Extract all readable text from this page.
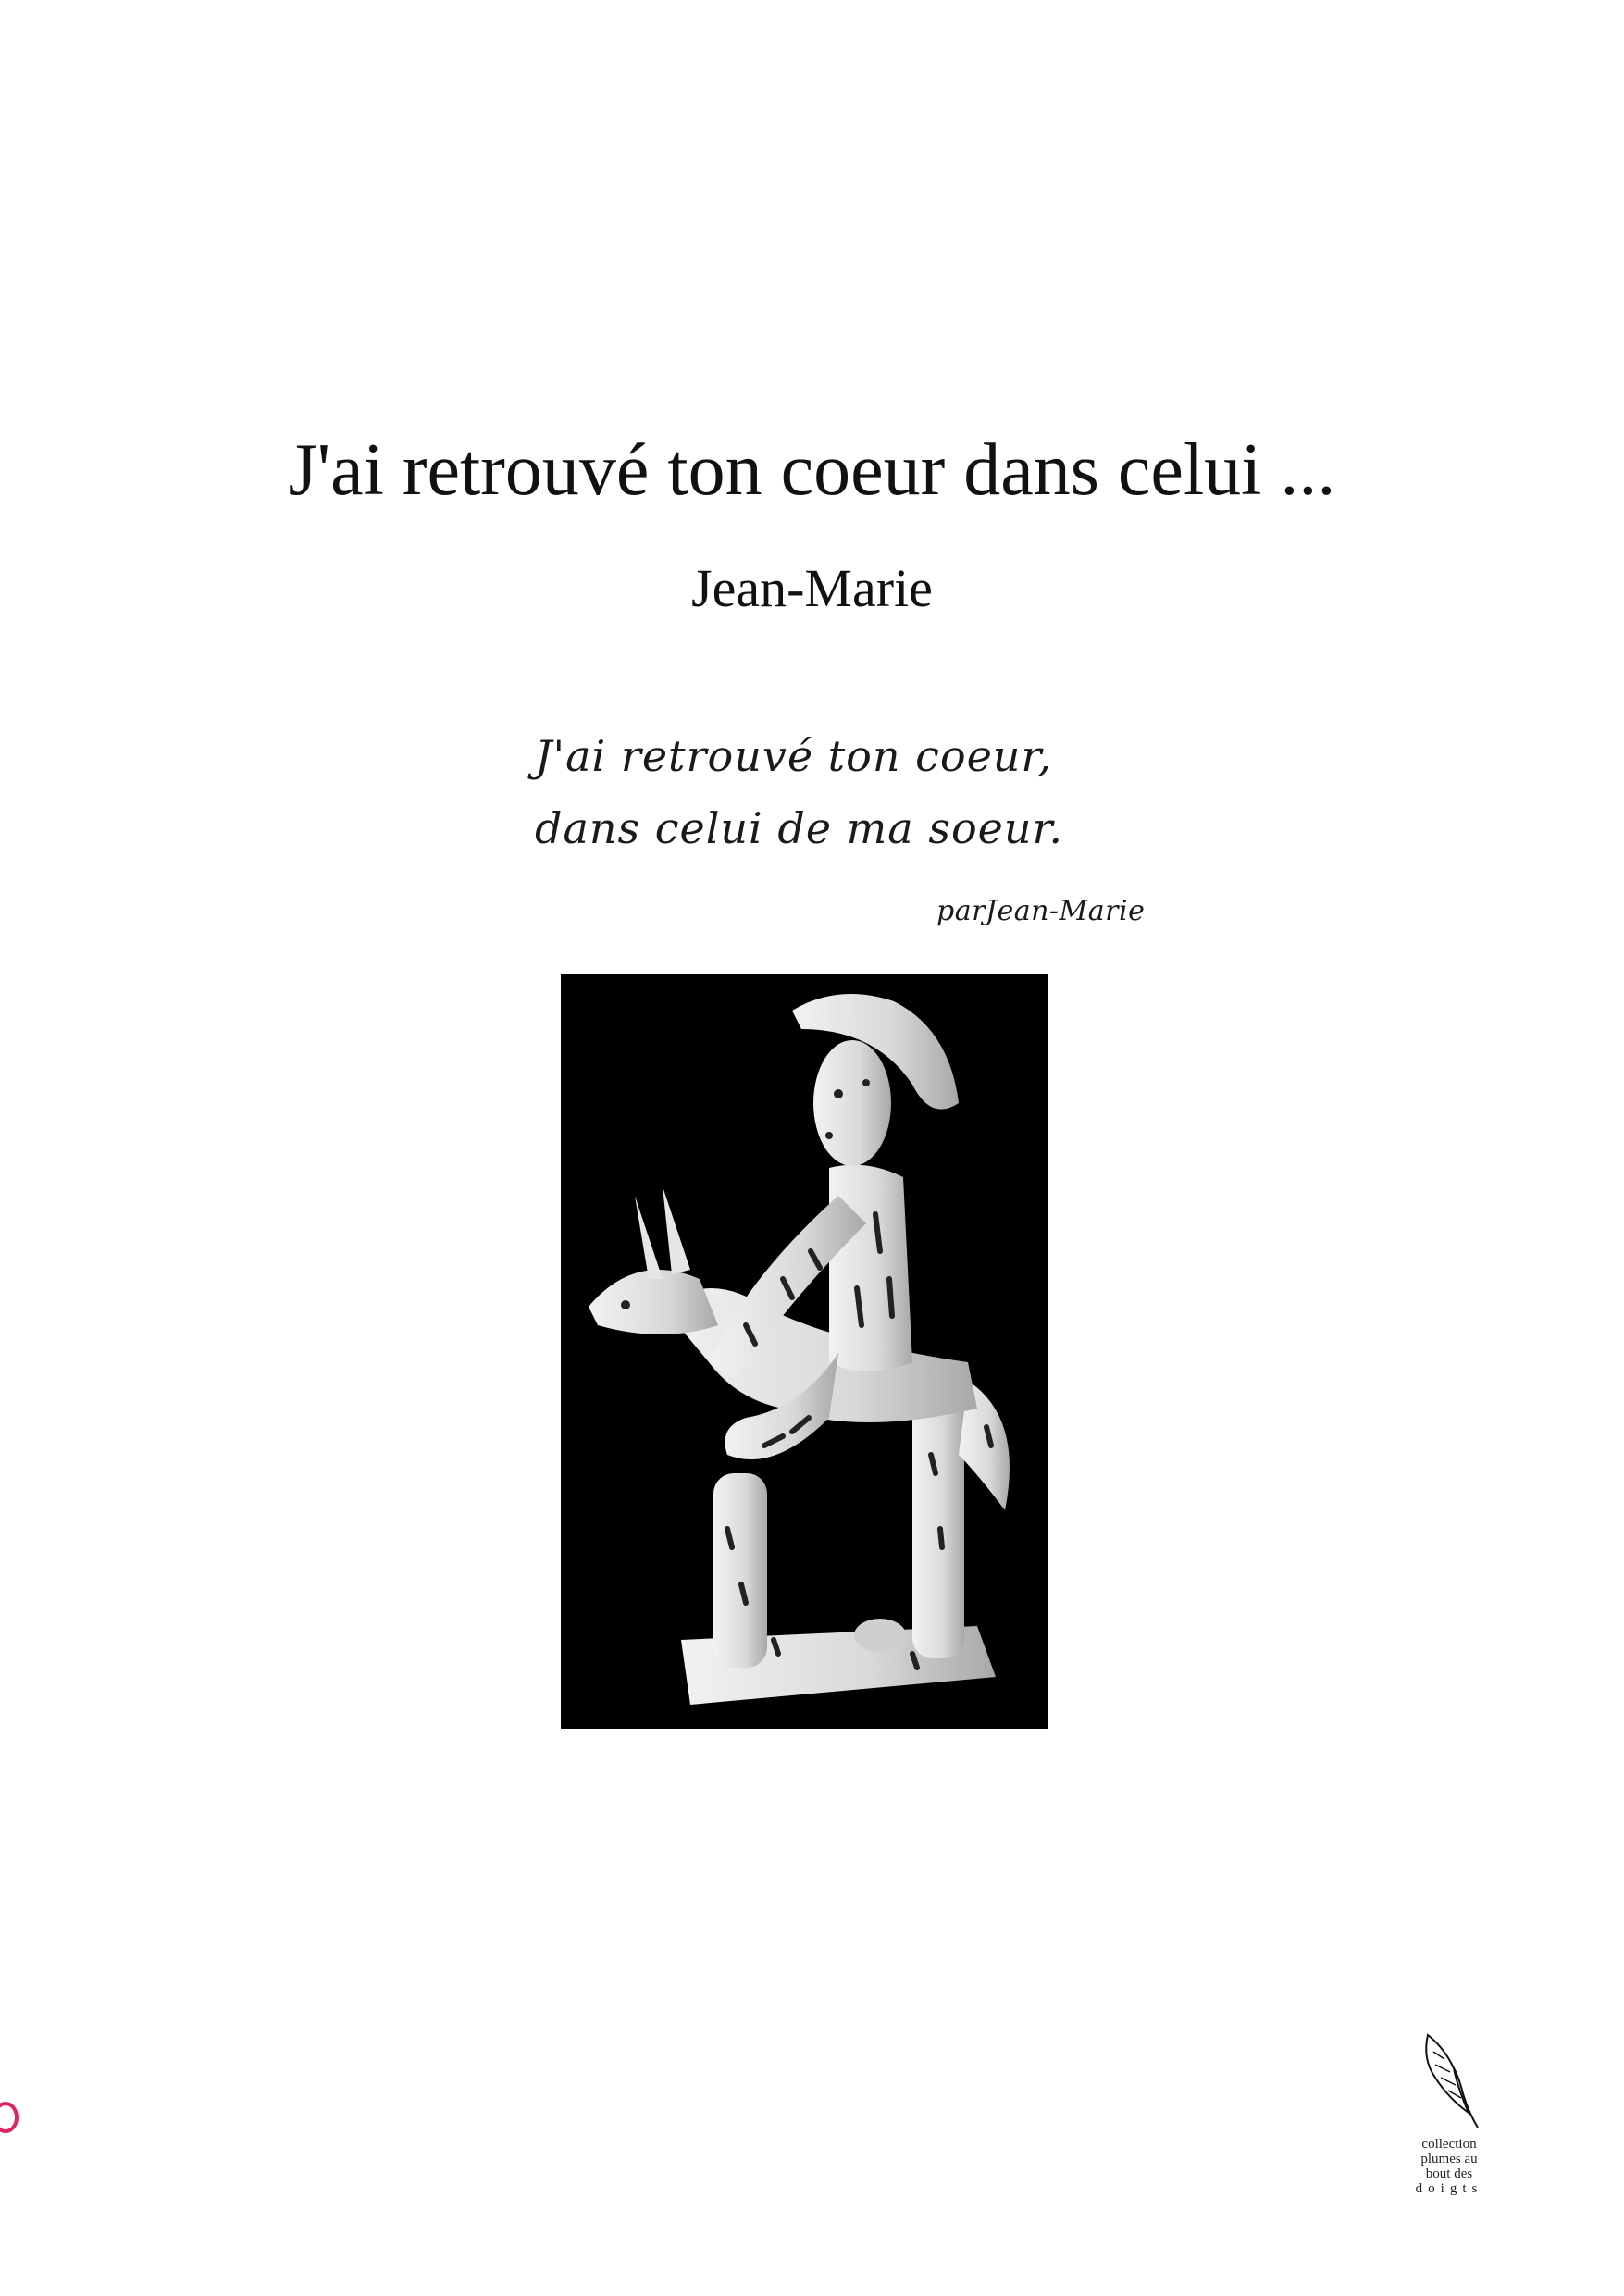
J'ai retrouvé ton coeur dans celui ...
Jean-Marie
J'ai retrouvé ton coeur,
dans celui de ma soeur.
parJean-Marie
collection
plumes au
bout des
doigts
